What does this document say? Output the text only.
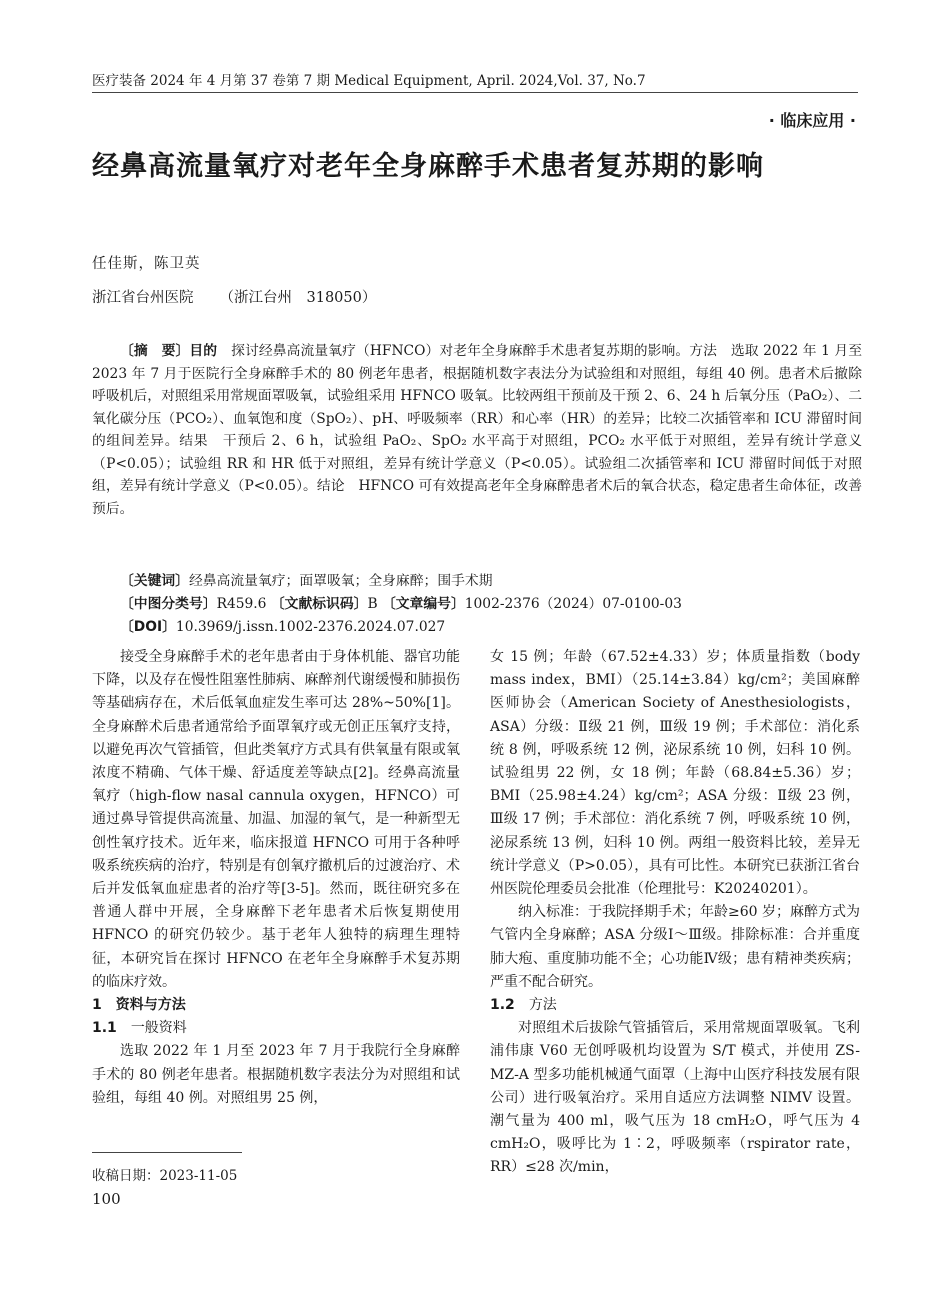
医疗装备 2024 年 4 月第 37 卷第 7 期 Medical Equipment, April. 2024,Vol. 37, No.7
· 临床应用 ·
经鼻高流量氧疗对老年全身麻醉手术患者复苏期的影响
任佳斯，陈卫英
浙江省台州医院 （浙江台州　318050）

〔摘　要〕目的　 探讨经鼻高流量氧疗（HFNCO）对老年全身麻醉手术患者复苏期的影响。方法　选取 2022 年 1 月至 2023 年 7 月于医院行全身麻醉手术的 80 例老年患者，根据随机数字表法分为试验组和对照组，每组 40 例。患者术后撤除呼吸机后，对照组采用常规面罩吸氧，试验组采用 HFNCO 吸氧。比较两组干预前及干预 2、6、24 h 后氧分压（PaO₂）、二氧化碳分压（PCO₂）、血氧饱和度（SpO₂）、pH、呼吸频率（RR）和心率（HR）的差异；比较二次插管率和 ICU 滞留时间的组间差异。结果　干预后 2、6 h，试验组 PaO₂、SpO₂ 水平高于对照组，PCO₂ 水平低于对照组，差异有统计学意义（P<0.05）；试验组 RR 和 HR 低于对照组，差异有统计学意义（P<0.05）。试验组二次插管率和 ICU 滞留时间低于对照组，差异有统计学意义（P<0.05）。结论　HFNCO 可有效提高老年全身麻醉患者术后的氧合状态，稳定患者生命体征，改善预后。

〔关键词〕经鼻高流量氧疗；面罩吸氧；全身麻醉；围手术期
〔中图分类号〕R459.6 〔文献标识码〕B 〔文章编号〕1002-2376（2024）07-0100-03
〔DOI〕10.3969/j.issn.1002-2376.2024.07.027

接受全身麻醉手术的老年患者由于身体机能、器官功能下降，以及存在慢性阻塞性肺病、麻醉剂代谢缓慢和肺损伤等基础病存在，术后低氧血症发生率可达 28%~50%[1]。全身麻醉术后患者通常给予面罩氧疗或无创正压氧疗支持，以避免再次气管插管，但此类氧疗方式具有供氧量有限或氧浓度不精确、气体干燥、舒适度差等缺点[2]。经鼻高流量氧疗（high-flow nasal cannula oxygen，HFNCO）可通过鼻导管提供高流量、加温、加湿的氧气，是一种新型无创性氧疗技术。近年来，临床报道 HFNCO 可用于各种呼吸系统疾病的治疗，特别是有创氧疗撤机后的过渡治疗、术后并发低氧血症患者的治疗等[3-5]。然而，既往研究多在普通人群中开展，全身麻醉下老年患者术后恢复期使用 HFNCO 的研究仍较少。基于老年人独特的病理生理特征，本研究旨在探讨 HFNCO 在老年全身麻醉手术复苏期的临床疗效。

1　资料与方法

1.1 一般资料

选取 2022 年 1 月至 2023 年 7 月于我院行全身麻醉手术的 80 例老年患者。根据随机数字表法分为对照组和试验组，每组 40 例。对照组男 25 例，

女 15 例；年龄（67.52±4.33）岁；体质量指数（body mass index，BMI）（25.14±3.84）kg/cm²；美国麻醉医师协会（American Society of Anesthesiologists，ASA）分级：Ⅱ级 21 例，Ⅲ级 19 例；手术部位：消化系统 8 例，呼吸系统 12 例，泌尿系统 10 例，妇科 10 例。试验组男 22 例，女 18 例；年龄（68.84±5.36）岁；BMI（25.98±4.24）kg/cm²；ASA 分级：Ⅱ级 23 例，Ⅲ级 17 例；手术部位：消化系统 7 例，呼吸系统 10 例，泌尿系统 13 例，妇科 10 例。两组一般资料比较，差异无统计学意义（P>0.05），具有可比性。本研究已获浙江省台州医院伦理委员会批准（伦理批号：K20240201）。

纳入标准：于我院择期手术；年龄≥60 岁；麻醉方式为气管内全身麻醉；ASA 分级Ⅰ～Ⅲ级。排除标准：合并重度肺大疱、重度肺功能不全；心功能Ⅳ级；患有精神类疾病；严重不配合研究。

1.2 方法

对照组术后拔除气管插管后，采用常规面罩吸氧。飞利浦伟康 V60 无创呼吸机均设置为 S/T 模式，并使用 ZS-MZ-A 型多功能机械通气面罩（上海中山医疗科技发展有限公司）进行吸氧治疗。采用自适应方法调整 NIMV 设置。潮气量为 400 ml，吸气压为 18 cmH₂O，呼气压为 4 cmH₂O，吸呼比为 1∶2，呼吸频率（rspirator rate，RR）≤28 次/min，

收稿日期：2023-11-05
100
